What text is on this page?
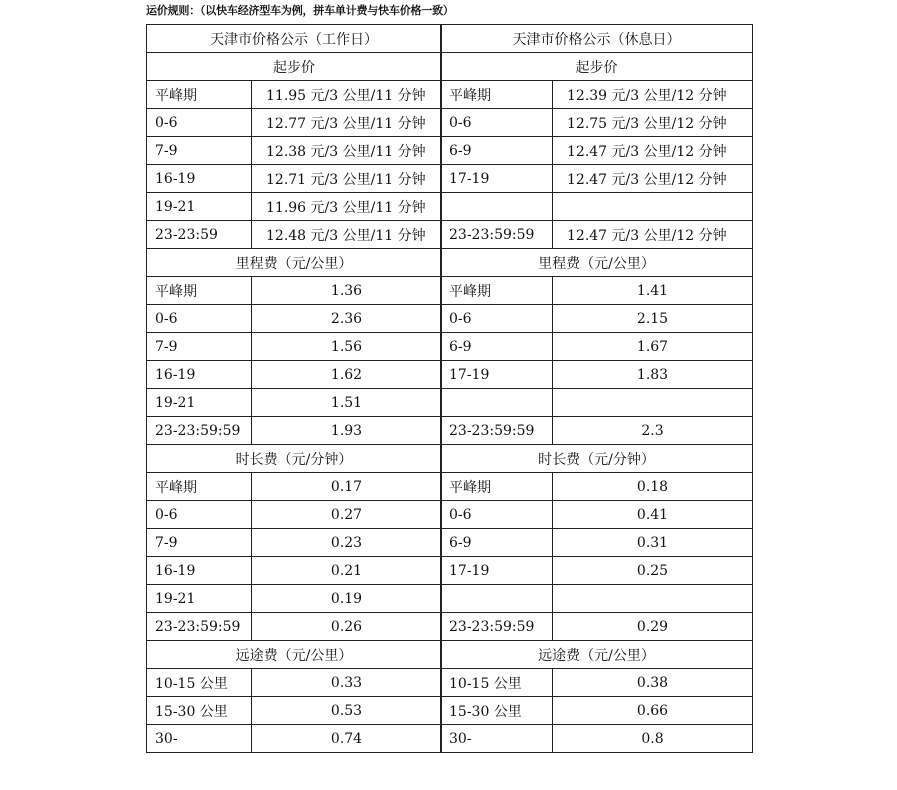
运价规则：（以快车经济型车为例，拼车单计费与快车价格一致）
天津市价格公示（工作日）	
起步价	
平峰期	11.95 元/3 公里/11 分钟
0-6	12.77 元/3 公里/11 分钟
7-9	12.38 元/3 公里/11 分钟
16-19	12.71 元/3 公里/11 分钟
19-21	11.96 元/3 公里/11 分钟
23-23:59	12.48 元/3 公里/11 分钟
里程费（元/公里）	
平峰期	1.36
0-6	2.36
7-9	1.56
16-19	1.62
19-21	1.51
23-23:59:59	1.93
时长费（元/分钟）	
平峰期	0.17
0-6	0.27
7-9	0.23
16-19	0.21
19-21	0.19
23-23:59:59	0.26
远途费（元/公里）	
10-15 公里	0.33
15-30 公里	0.53
30-	0.74
天津市价格公示（休息日）	
起步价	
平峰期	12.39 元/3 公里/12 分钟
0-6	12.75 元/3 公里/12 分钟
6-9	12.47 元/3 公里/12 分钟
17-19	12.47 元/3 公里/12 分钟

23-23:59:59	12.47 元/3 公里/12 分钟
里程费（元/公里）	
平峰期	1.41
0-6	2.15
6-9	1.67
17-19	1.83

23-23:59:59	2.3
时长费（元/分钟）	
平峰期	0.18
0-6	0.41
6-9	0.31
17-19	0.25

23-23:59:59	0.29
远途费（元/公里）	
10-15 公里	0.38
15-30 公里	0.66
30-	0.8
